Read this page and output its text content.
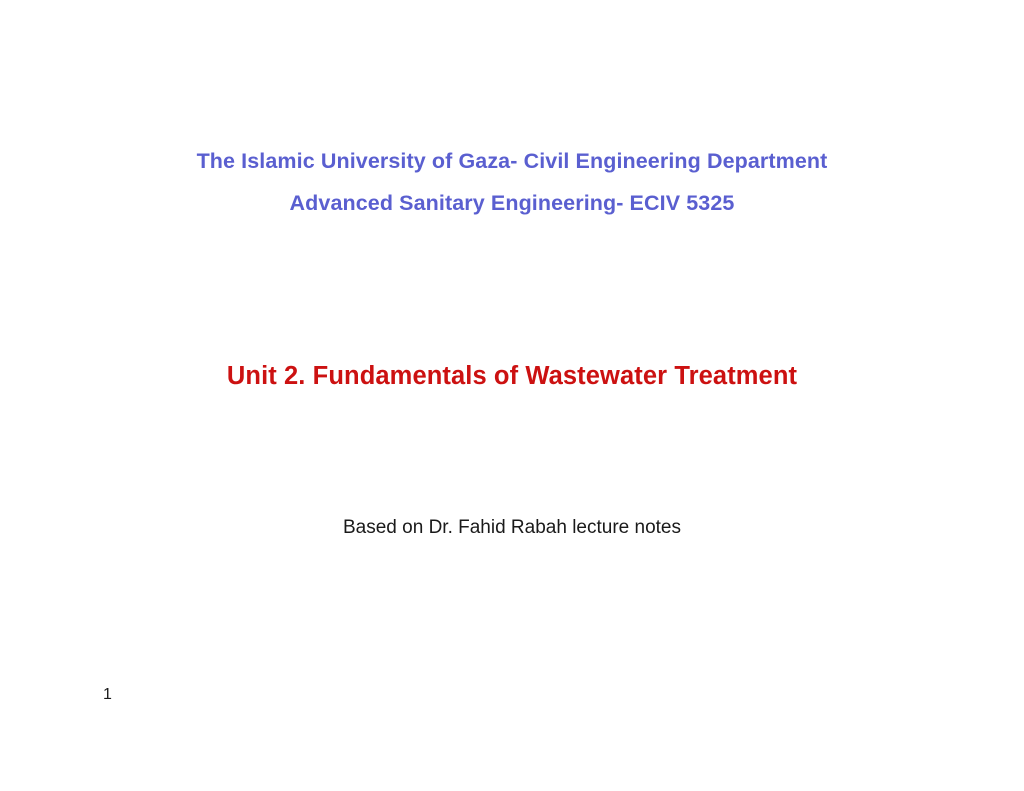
The Islamic University of Gaza- Civil Engineering Department
Advanced Sanitary Engineering- ECIV 5325
Unit 2. Fundamentals of Wastewater Treatment
Based on Dr. Fahid Rabah lecture notes
1
